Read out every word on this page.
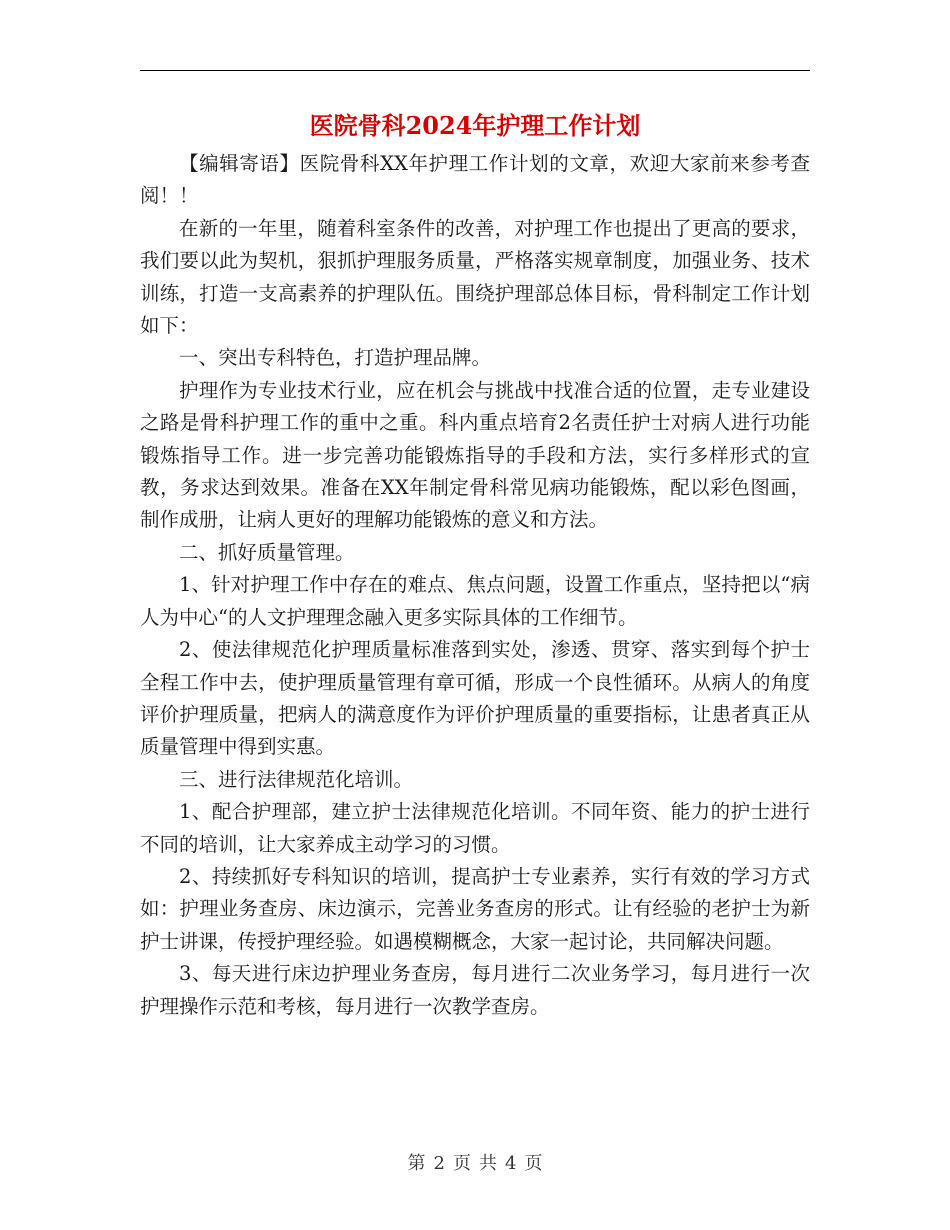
医院骨科2024年护理工作计划

【编辑寄语】医院骨科XX年护理工作计划的文章，欢迎大家前来参考查阅！！

在新的一年里，随着科室条件的改善，对护理工作也提出了更高的要求，我们要以此为契机，狠抓护理服务质量，严格落实规章制度，加强业务、技术训练，打造一支高素养的护理队伍。围绕护理部总体目标，骨科制定工作计划如下：

一、突出专科特色，打造护理品牌。

护理作为专业技术行业，应在机会与挑战中找准合适的位置，走专业建设之路是骨科护理工作的重中之重。科内重点培育2名责任护士对病人进行功能锻炼指导工作。进一步完善功能锻炼指导的手段和方法，实行多样形式的宣教，务求达到效果。准备在XX年制定骨科常见病功能锻炼，配以彩色图画，制作成册，让病人更好的理解功能锻炼的意义和方法。

二、抓好质量管理。

1、针对护理工作中存在的难点、焦点问题，设置工作重点，坚持把以“病人为中心“的人文护理理念融入更多实际具体的工作细节。

2、使法律规范化护理质量标准落到实处，渗透、贯穿、落实到每个护士全程工作中去，使护理质量管理有章可循，形成一个良性循环。从病人的角度评价护理质量，把病人的满意度作为评价护理质量的重要指标，让患者真正从质量管理中得到实惠。

三、进行法律规范化培训。

1、配合护理部，建立护士法律规范化培训。不同年资、能力的护士进行不同的培训，让大家养成主动学习的习惯。

2、持续抓好专科知识的培训，提高护士专业素养，实行有效的学习方式如：护理业务查房、床边演示，完善业务查房的形式。让有经验的老护士为新护士讲课，传授护理经验。如遇模糊概念，大家一起讨论，共同解决问题。

3、每天进行床边护理业务查房，每月进行二次业务学习，每月进行一次护理操作示范和考核，每月进行一次教学查房。

第 2 页 共 4 页
